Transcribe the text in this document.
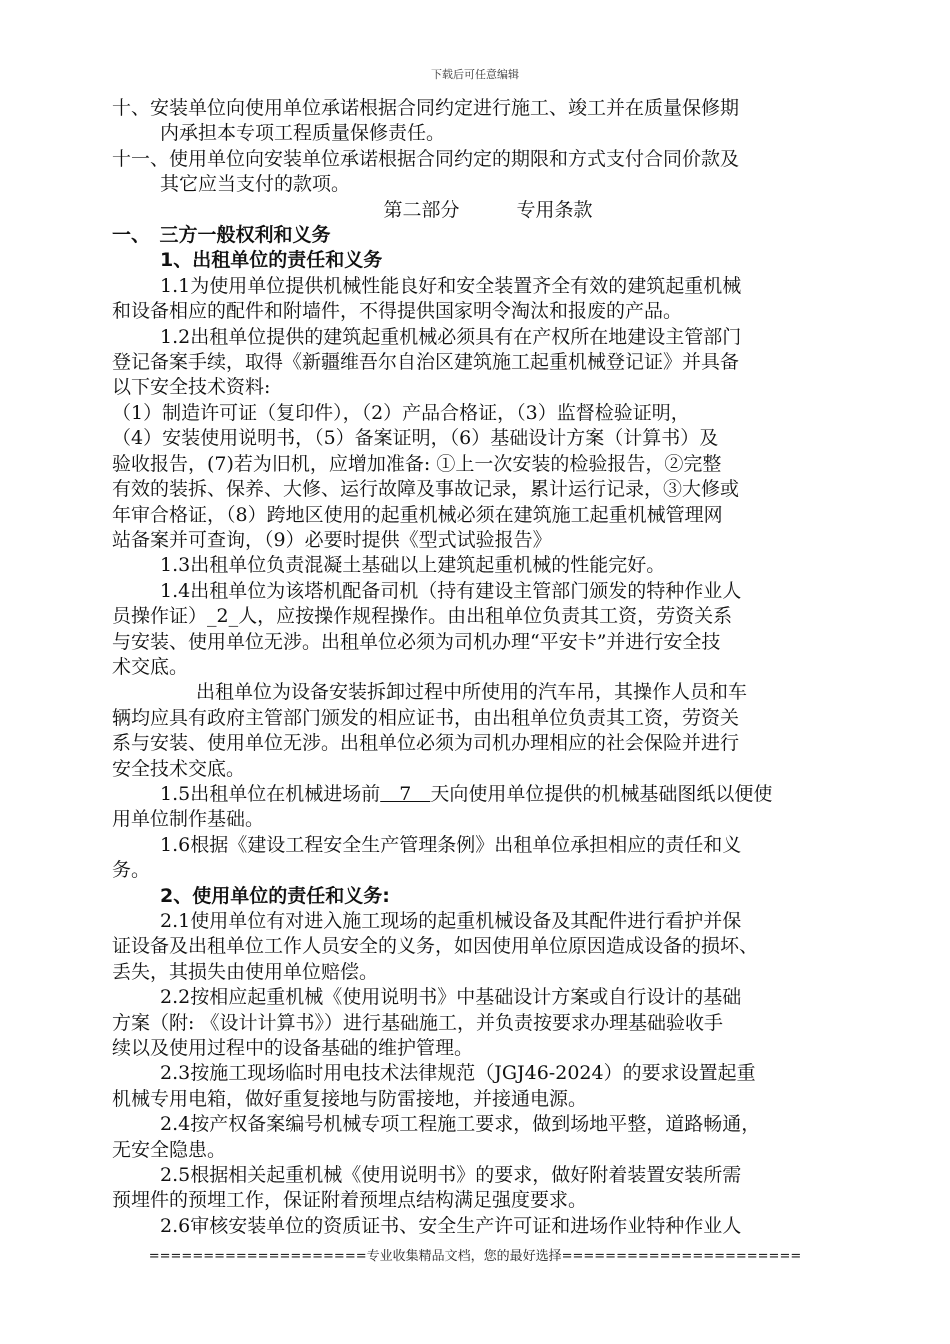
下载后可任意编辑

十、安装单位向使用单位承诺根据合同约定进行施工、竣工并在质量保修期

内承担本专项工程质量保修责任。

十一、使用单位向安装单位承诺根据合同约定的期限和方式支付合同价款及

其它应当支付的款项。

第二部分　　　专用条款

一、　三方一般权利和义务

1、出租单位的责任和义务

1.1为使用单位提供机械性能良好和安全装置齐全有效的建筑起重机械

和设备相应的配件和附墙件，不得提供国家明令淘汰和报废的产品。

1.2出租单位提供的建筑起重机械必须具有在产权所在地建设主管部门

登记备案手续，取得《新疆维吾尔自治区建筑施工起重机械登记证》并具备

以下安全技术资料:

（1）制造许可证（复印件），（2）产品合格证，（3）监督检验证明，

（4）安装使用说明书，（5）备案证明，（6）基础设计方案（计算书）及

验收报告，(7)若为旧机，应增加准备: ①上一次安装的检验报告，②完整

有效的装拆、保养、大修、运行故障及事故记录，累计运行记录，③大修或

年审合格证，（8）跨地区使用的起重机械必须在建筑施工起重机械管理网

站备案并可查询，（9）必要时提供《型式试验报告》

1.3出租单位负责混凝土基础以上建筑起重机械的性能完好。

1.4出租单位为该塔机配备司机（持有建设主管部门颁发的特种作业人

员操作证）_2_人，应按操作规程操作。由出租单位负责其工资，劳资关系

与安装、使用单位无涉。出租单位必须为司机办理“平安卡”并进行安全技

术交底。

出租单位为设备安装拆卸过程中所使用的汽车吊，其操作人员和车

辆均应具有政府主管部门颁发的相应证书，由出租单位负责其工资，劳资关

系与安装、使用单位无涉。出租单位必须为司机办理相应的社会保险并进行

安全技术交底。

1.5出租单位在机械进场前　7　天向使用单位提供的机械基础图纸以便使

用单位制作基础。

1.6根据《建设工程安全生产管理条例》出租单位承担相应的责任和义

务。

2、使用单位的责任和义务:

2.1使用单位有对进入施工现场的起重机械设备及其配件进行看护并保

证设备及出租单位工作人员安全的义务，如因使用单位原因造成设备的损坏、

丢失，其损失由使用单位赔偿。

2.2按相应起重机械《使用说明书》中基础设计方案或自行设计的基础

方案（附: 《设计计算书》）进行基础施工，并负责按要求办理基础验收手

续以及使用过程中的设备基础的维护管理。

2.3按施工现场临时用电技术法律规范（JGJ46-2024）的要求设置起重

机械专用电箱，做好重复接地与防雷接地，并接通电源。

2.4按产权备案编号机械专项工程施工要求，做到场地平整，道路畅通，

无安全隐患。

2.5根据相关起重机械《使用说明书》的要求，做好附着装置安装所需

预埋件的预埋工作，保证附着预埋点结构满足强度要求。

2.6审核安装单位的资质证书、安全生产许可证和进场作业特种作业人

====================专业收集精品文档，您的最好选择======================
